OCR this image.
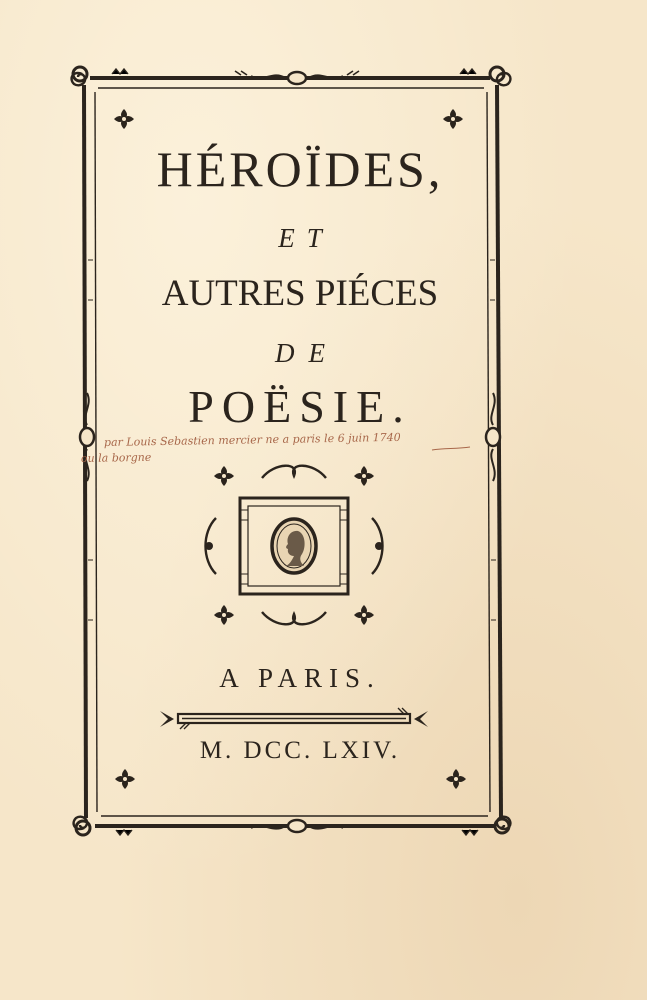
HÉROÏDES,
ET
AUTRES PIÉCES
DE
POËSIE.
par Louis Sebastien mercier ne a paris le 6 juin 1740
ou la borgne
A PARIS.
M. DCC. LXIV.
